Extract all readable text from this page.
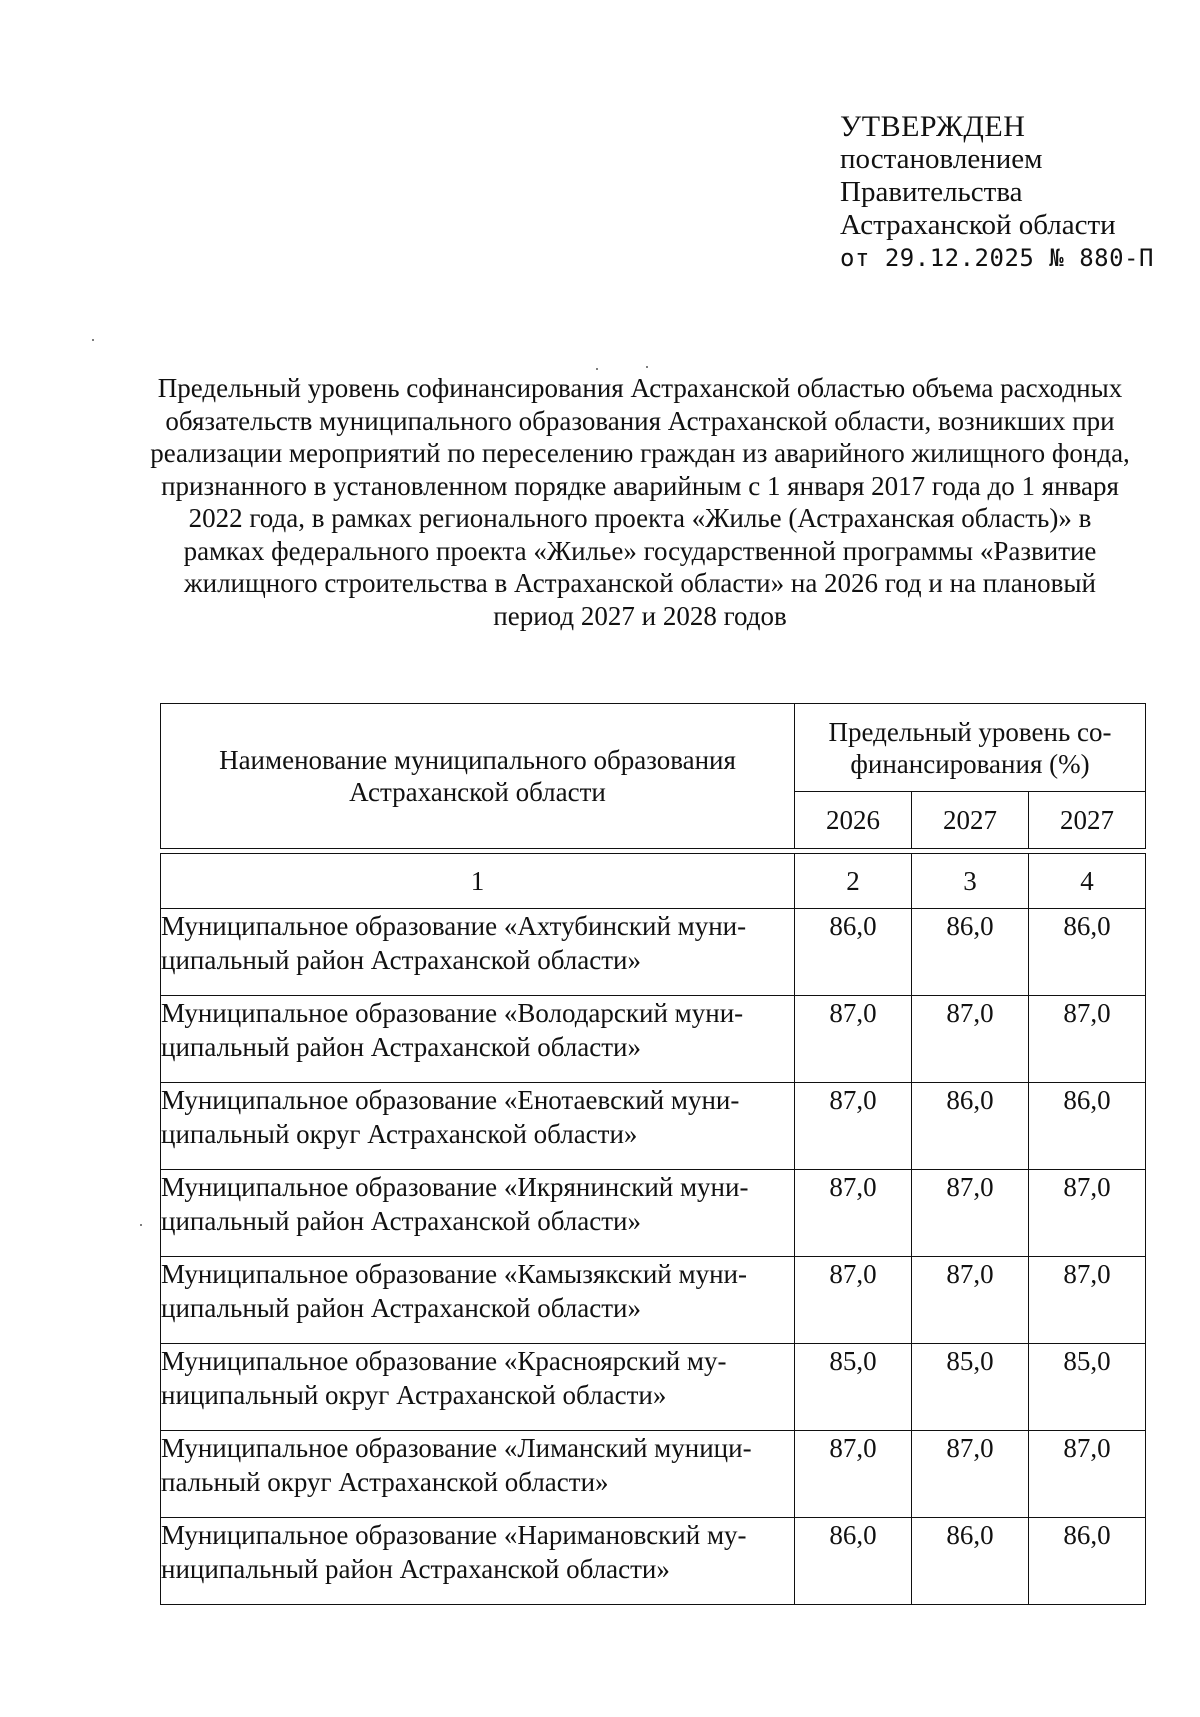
УТВЕРЖДЕН
постановлением
Правительства
Астраханской области
от 29.12.2025 № 880-П
Предельный уровень софинансирования Астраханской областью объема расходных обязательств муниципального образования Астраханской области, возникших при реализации мероприятий по переселению граждан из аварийного жилищного фонда, признанного в установленном порядке аварийным с 1 января 2017 года до 1 января 2022 года, в рамках регионального проекта «Жилье (Астраханская область)» в рамках федерального проекта «Жилье» государственной программы «Развитие жилищного строительства в Астраханской области» на 2026 год и на плановый период 2027 и 2028 годов
Наименование муниципального образования Астраханской области	Предельный уровень со-финансирования (%)		
	2026	2027	2027

1	2	3	4
Муниципальное образование «Ахтубинский муни-ципальный район Астраханской области»	86,0	86,0	86,0
Муниципальное образование «Володарский муни-ципальный район Астраханской области»	87,0	87,0	87,0
Муниципальное образование «Енотаевский муни-ципальный округ Астраханской области»	87,0	86,0	86,0
Муниципальное образование «Икрянинский муни-ципальный район Астраханской области»	87,0	87,0	87,0
Муниципальное образование «Камызякский муни-ципальный район Астраханской области»	87,0	87,0	87,0
Муниципальное образование «Красноярский му-ниципальный округ Астраханской области»	85,0	85,0	85,0
Муниципальное образование «Лиманский муници-пальный округ Астраханской области»	87,0	87,0	87,0
Муниципальное образование «Наримановский му-ниципальный район Астраханской области»	86,0	86,0	86,0
